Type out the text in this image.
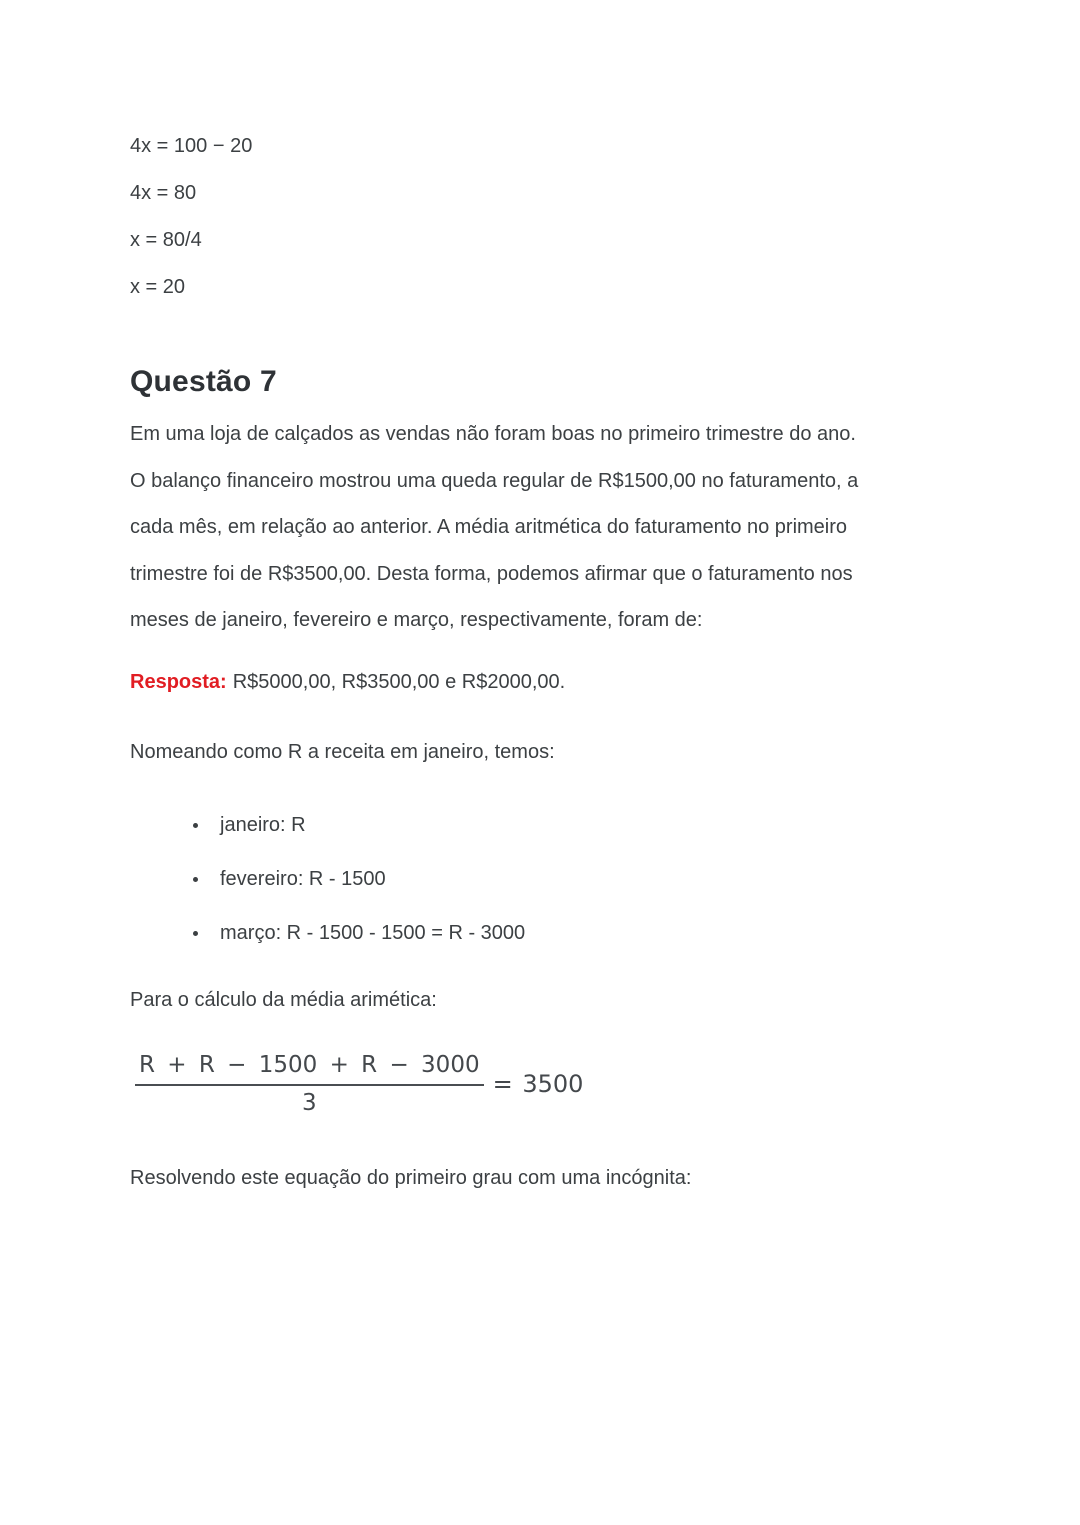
4x = 100 − 20

4x = 80

x = 80/4

x = 20

Questão 7

Em uma loja de calçados as vendas não foram boas no primeiro trimestre do ano. O balanço financeiro mostrou uma queda regular de R$1500,00 no faturamento, a cada mês, em relação ao anterior. A média aritmética do faturamento no primeiro trimestre foi de R$3500,00. Desta forma, podemos afirmar que o faturamento nos meses de janeiro, fevereiro e março, respectivamente, foram de:

Resposta: R$5000,00, R$3500,00 e R$2000,00.

Nomeando como R a receita em janeiro, temos:

• janeiro: R
• fevereiro: R - 1500
• março: R - 1500 - 1500 = R - 3000

Para o cálculo da média arimética:

$\frac{R + R - 1500 + R - 3000}{3} = 3500$

Resolvendo este equação do primeiro grau com uma incógnita:
